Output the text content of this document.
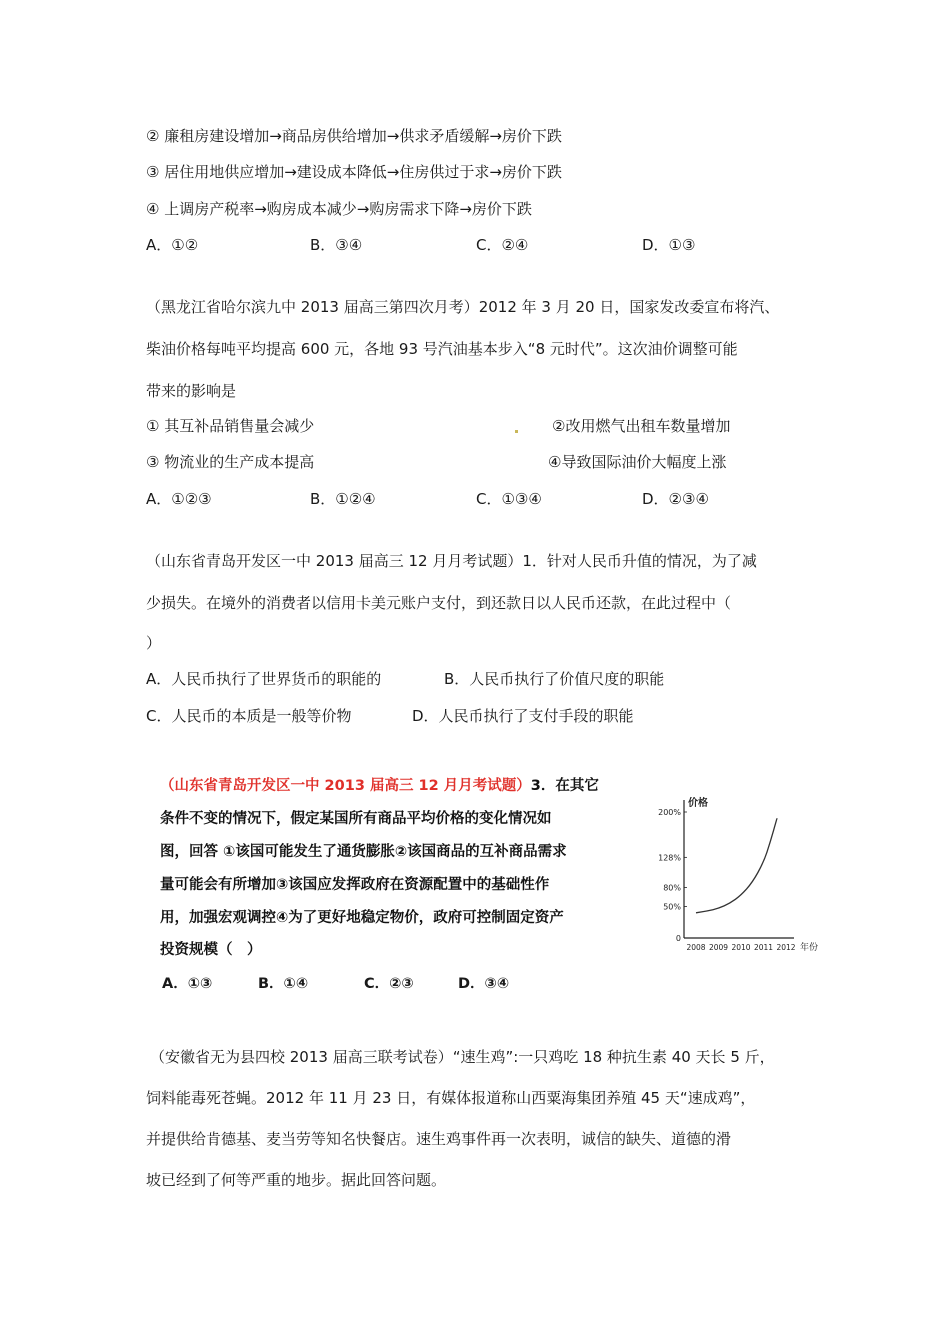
② 廉租房建设增加→商品房供给增加→供求矛盾缓解→房价下跌
③ 居住用地供应增加→建设成本降低→住房供过于求→房价下跌
④ 上调房产税率→购房成本减少→购房需求下降→房价下跌
A．①②	B．③④	C．②④	D．①③
（黑龙江省哈尔滨九中 2013 届高三第四次月考）2012 年 3 月 20 日，国家发改委宣布将汽、
柴油价格每吨平均提高 600 元，各地 93 号汽油基本步入“8 元时代”。这次油价调整可能
带来的影响是
① 其互补品销售量会减少	②改用燃气出租车数量增加
③ 物流业的生产成本提高	④导致国际油价大幅度上涨
A．①②③	B．①②④	C．①③④	D．②③④
（山东省青岛开发区一中 2013 届高三 12 月月考试题）1．针对人民币升值的情况，为了减
少损失。在境外的消费者以信用卡美元账户支付，到还款日以人民币还款，在此过程中（
）
A．人民币执行了世界货币的职能的	B．人民币执行了价值尺度的职能
C．人民币的本质是一般等价物	D．人民币执行了支付手段的职能
（山东省青岛开发区一中 2013 届高三 12 月月考试题）3．在其它
条件不变的情况下，假定某国所有商品平均价格的变化情况如
图，回答 ①该国可能发生了通货膨胀②该国商品的互补商品需求
量可能会有所增加③该国应发挥政府在资源配置中的基础性作
用，加强宏观调控④为了更好地稳定物价，政府可控制固定资产
投资规模（　）
A．①③	B．①④	C．②③	D．③④
价格
年份
0
50%
80%
128%
200%
2008 2009 2010 2011 2012
（安徽省无为县四校 2013 届高三联考试卷）“速生鸡”:一只鸡吃 18 种抗生素 40 天长 5 斤，
饲料能毒死苍蝇。2012 年 11 月 23 日，有媒体报道称山西粟海集团养殖 45 天“速成鸡”，
并提供给肯德基、麦当劳等知名快餐店。速生鸡事件再一次表明，诚信的缺失、道德的滑
坡已经到了何等严重的地步。据此回答问题。
